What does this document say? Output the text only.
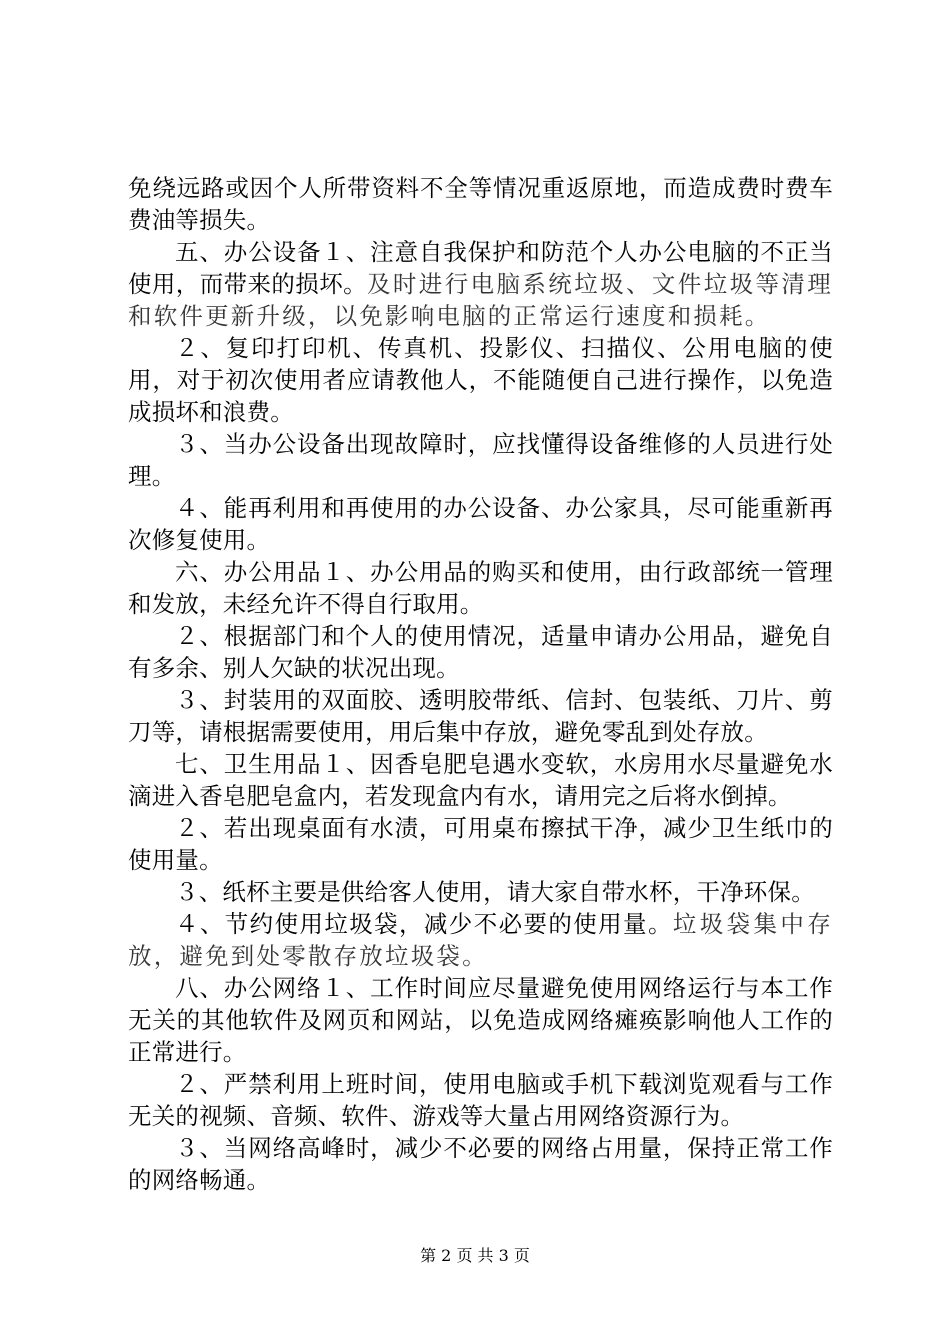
免绕远路或因个人所带资料不全等情况重返原地，而造成费时费车费油等损失。

五、办公设备１、注意自我保护和防范个人办公电脑的不正当使用，而带来的损坏。及时进行电脑系统垃圾、文件垃圾等清理和软件更新升级，以免影响电脑的正常运行速度和损耗。

２、复印打印机、传真机、投影仪、扫描仪、公用电脑的使用，对于初次使用者应请教他人，不能随便自己进行操作，以免造成损坏和浪费。

３、当办公设备出现故障时，应找懂得设备维修的人员进行处理。

４、能再利用和再使用的办公设备、办公家具，尽可能重新再次修复使用。

六、办公用品１、办公用品的购买和使用，由行政部统一管理和发放，未经允许不得自行取用。

２、根据部门和个人的使用情况，适量申请办公用品，避免自有多余、别人欠缺的状况出现。

３、封装用的双面胶、透明胶带纸、信封、包装纸、刀片、剪刀等，请根据需要使用，用后集中存放，避免零乱到处存放。

七、卫生用品１、因香皂肥皂遇水变软，水房用水尽量避免水滴进入香皂肥皂盒内，若发现盒内有水，请用完之后将水倒掉。

２、若出现桌面有水渍，可用桌布擦拭干净，减少卫生纸巾的使用量。

３、纸杯主要是供给客人使用，请大家自带水杯，干净环保。

４、节约使用垃圾袋，减少不必要的使用量。垃圾袋集中存放，避免到处零散存放垃圾袋。

八、办公网络１、工作时间应尽量避免使用网络运行与本工作无关的其他软件及网页和网站，以免造成网络瘫痪影响他人工作的正常进行。

２、严禁利用上班时间，使用电脑或手机下载浏览观看与工作无关的视频、音频、软件、游戏等大量占用网络资源行为。

３、当网络高峰时，减少不必要的网络占用量，保持正常工作的网络畅通。

第 2 页 共 3 页
